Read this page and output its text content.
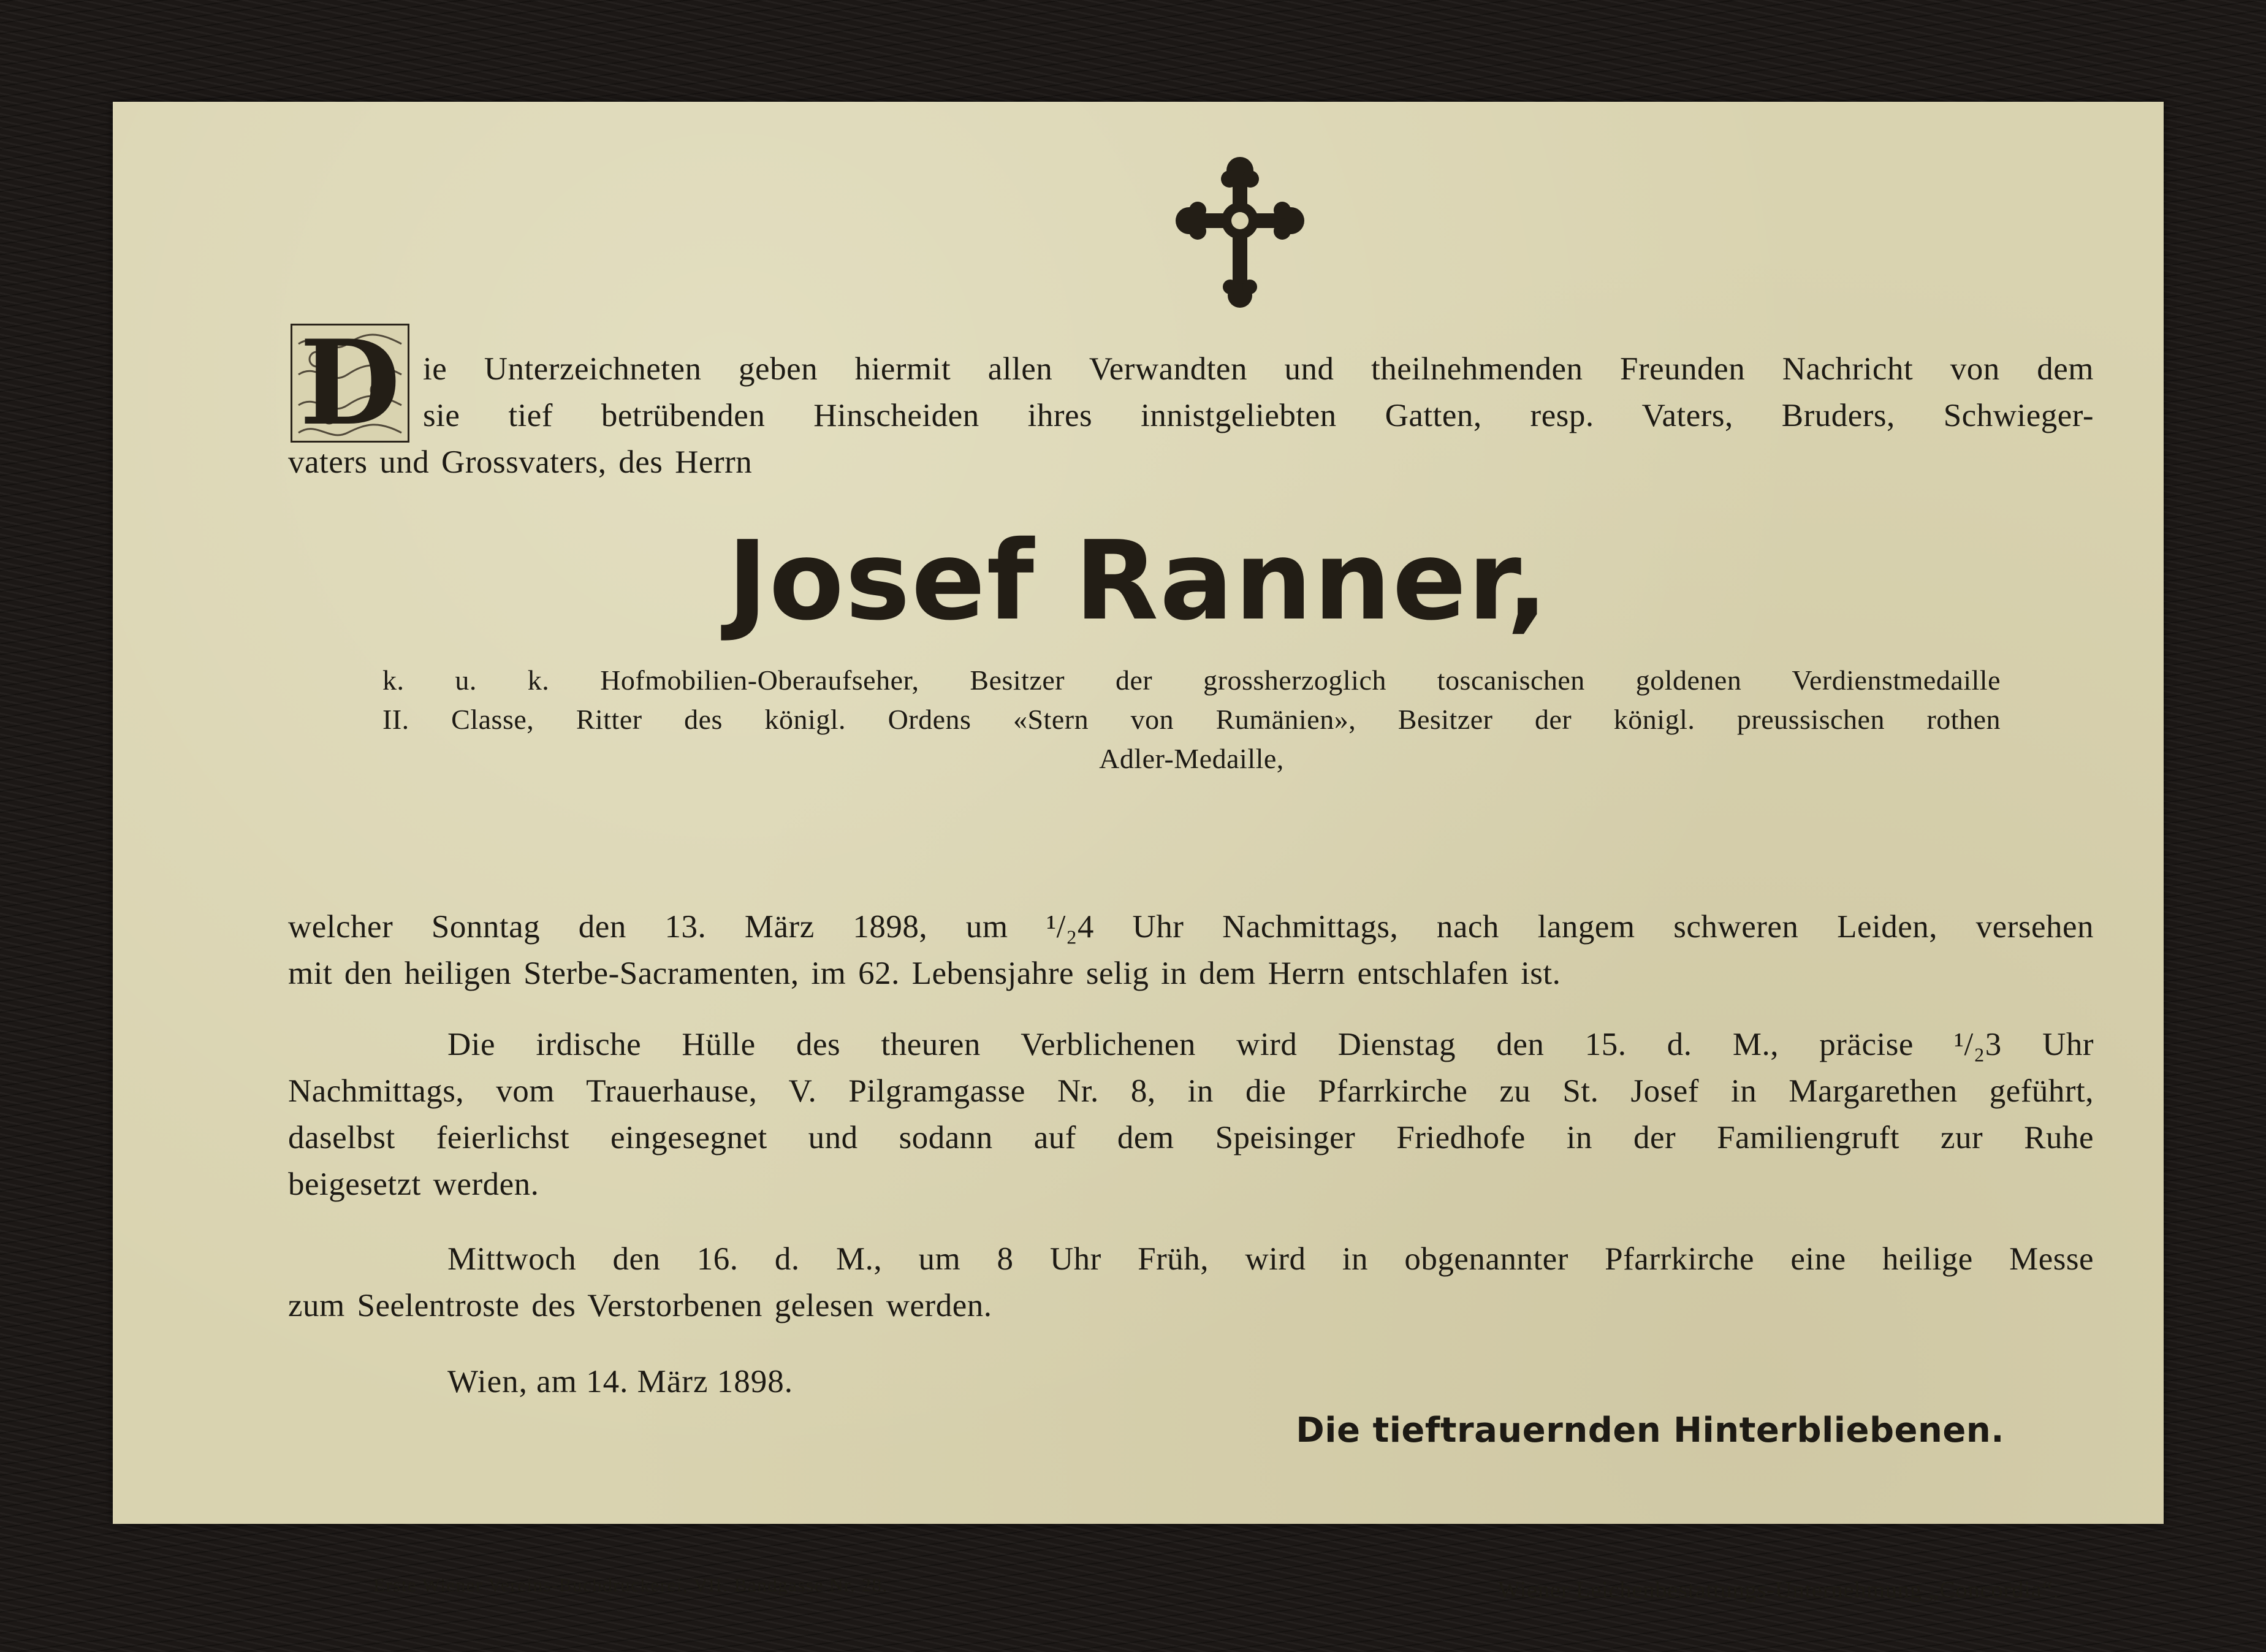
D ie Unterzeichneten geben hiermit allen Verwandten und theilnehmenden Freunden Nachricht von dem
sie tief betrübenden Hinscheiden ihres innistgeliebten Gatten, resp. Vaters, Bruders, Schwieger-
vaters und Grossvaters, des Herrn
Josef Ranner,
k. u. k. Hofmobilien-Oberaufseher, Besitzer der grossherzoglich toscanischen goldenen Verdienstmedaille
II. Classe, Ritter des königl. Ordens «Stern von Rumänien», Besitzer der königl. preussischen rothen
Adler-Medaille,
welcher Sonntag den 13. März 1898, um ¹/₂4 Uhr Nachmittags, nach langem schweren Leiden, versehen
mit den heiligen Sterbe-Sacramenten, im 62. Lebensjahre selig in dem Herrn entschlafen ist.
Die irdische Hülle des theuren Verblichenen wird Dienstag den 15. d. M., präcise ¹/₂3 Uhr
Nachmittags, vom Trauerhause, V. Pilgramgasse Nr. 8, in die Pfarrkirche zu St. Josef in Margarethen geführt,
daselbst feierlichst eingesegnet und sodann auf dem Speisinger Friedhofe in der Familiengruft zur Ruhe
beigesetzt werden.
Mittwoch den 16. d. M., um 8 Uhr Früh, wird in obgenannter Pfarrkirche eine heilige Messe
zum Seelentroste des Verstorbenen gelesen werden.
Wien, am 14. März 1898.
Die tieftrauernden Hinterbliebenen.
Erste Wiener Vereins-Buchdruckerei, VII. Bandgasse Nr. 28.	Wiener Leichenbestattungs-Unternehmung „Concordia“.
